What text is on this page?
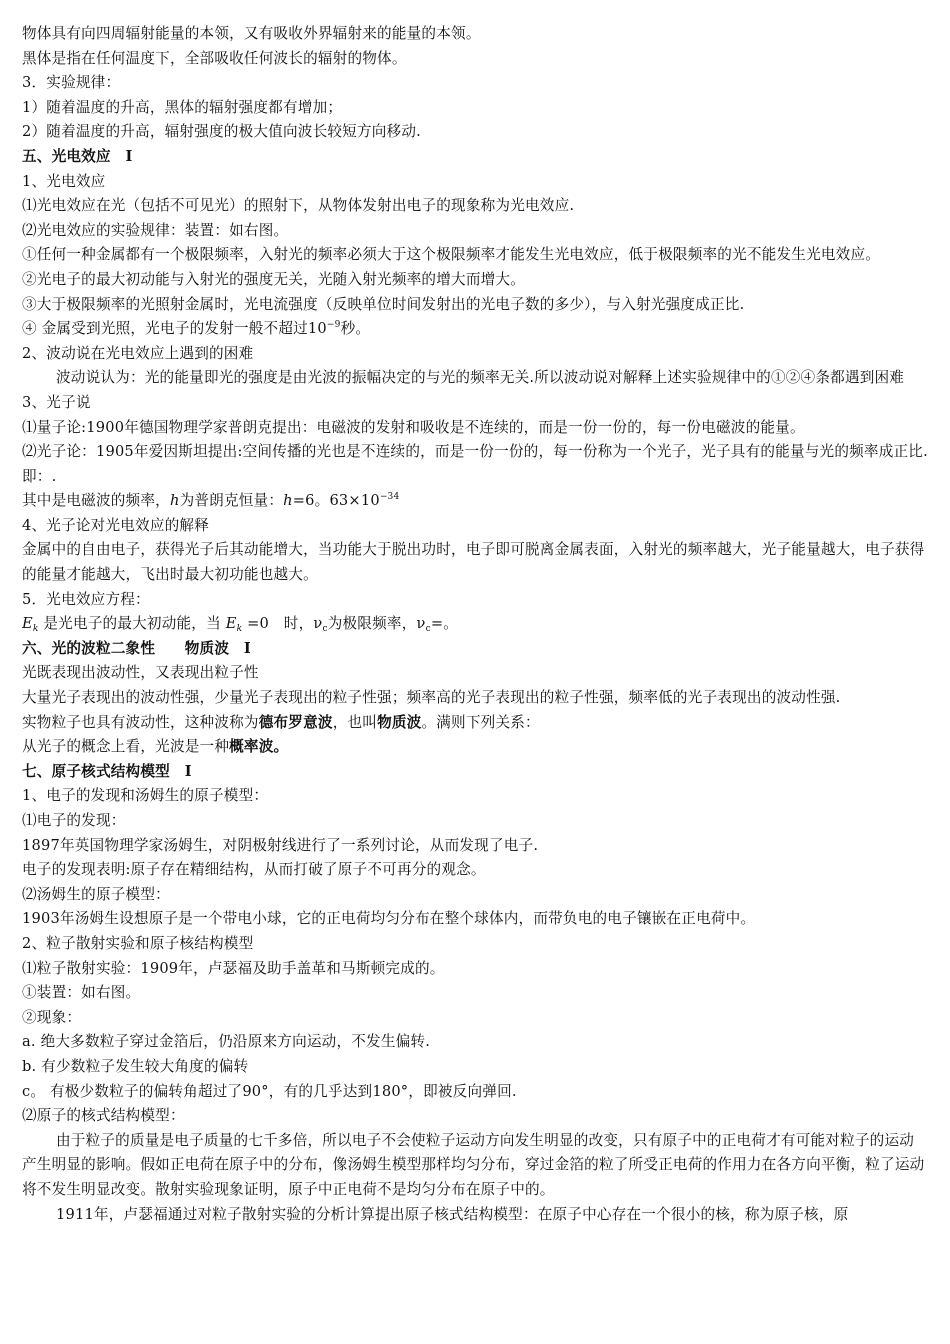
物体具有向四周辐射能量的本领，又有吸收外界辐射来的能量的本领。
黑体是指在任何温度下，全部吸收任何波长的辐射的物体。
3．实验规律：
1）随着温度的升高，黑体的辐射强度都有增加；
2）随着温度的升高，辐射强度的极大值向波长较短方向移动.
五、光电效应　Ⅰ
1、光电效应
⑴光电效应在光（包括不可见光）的照射下，从物体发射出电子的现象称为光电效应.
⑵光电效应的实验规律：装置：如右图。
①任何一种金属都有一个极限频率，入射光的频率必须大于这个极限频率才能发生光电效应，低于极限频率的光不能发生光电效应。
②光电子的最大初动能与入射光的强度无关，光随入射光频率的增大而增大。
③大于极限频率的光照射金属时，光电流强度（反映单位时间发射出的光电子数的多少），与入射光强度成正比.
④ 金属受到光照，光电子的发射一般不超过$10^{-9}$秒。
2、波动说在光电效应上遇到的困难
波动说认为：光的能量即光的强度是由光波的振幅决定的与光的频率无关.所以波动说对解释上述实验规律中的①②④条都遇到困难
3、光子说
⑴量子论:1900年德国物理学家普朗克提出：电磁波的发射和吸收是不连续的，而是一份一份的，每一份电磁波的能量。
⑵光子论：1905年爱因斯坦提出:空间传播的光也是不连续的，而是一份一份的，每一份称为一个光子，光子具有的能量与光的频率成正比.即：.
其中是电磁波的频率，h为普朗克恒量：h=6。$63\times 10^{-34}$
4、光子论对光电效应的解释
金属中的自由电子，获得光子后其动能增大，当功能大于脱出功时，电子即可脱离金属表面，入射光的频率越大，光子能量越大，电子获得的能量才能越大，飞出时最大初功能也越大。
5．光电效应方程：
$E_k$ 是光电子的最大初动能，当 $E_k =0$　时，$\nu_c$为极限频率，$\nu_c=$。
六、光的波粒二象性　　物质波　Ⅰ
光既表现出波动性，又表现出粒子性
大量光子表现出的波动性强，少量光子表现出的粒子性强；频率高的光子表现出的粒子性强，频率低的光子表现出的波动性强.
实物粒子也具有波动性，这种波称为德布罗意波，也叫物质波。满则下列关系：
从光子的概念上看，光波是一种概率波。
七、原子核式结构模型　Ⅰ
1、电子的发现和汤姆生的原子模型：
⑴电子的发现：
1897年英国物理学家汤姆生，对阴极射线进行了一系列讨论，从而发现了电子.
电子的发现表明:原子存在精细结构，从而打破了原子不可再分的观念。
⑵汤姆生的原子模型：
1903年汤姆生设想原子是一个带电小球，它的正电荷均匀分布在整个球体内，而带负电的电子镶嵌在正电荷中。
2、粒子散射实验和原子核结构模型
⑴粒子散射实验：1909年，卢瑟福及助手盖革和马斯顿完成的。
①装置：如右图。
②现象：
a. 绝大多数粒子穿过金箔后，仍沿原来方向运动，不发生偏转.
b. 有少数粒子发生较大角度的偏转
c。 有极少数粒子的偏转角超过了90°，有的几乎达到180°，即被反向弹回.
⑵原子的核式结构模型：
由于粒子的质量是电子质量的七千多倍，所以电子不会使粒子运动方向发生明显的改变，只有原子中的正电荷才有可能对粒子的运动产生明显的影响。假如正电荷在原子中的分布，像汤姆生模型那样均匀分布，穿过金箔的粒了所受正电荷的作用力在各方向平衡，粒了运动将不发生明显改变。散射实验现象证明，原子中正电荷不是均匀分布在原子中的。
1911年，卢瑟福通过对粒子散射实验的分析计算提出原子核式结构模型：在原子中心存在一个很小的核，称为原子核，原
